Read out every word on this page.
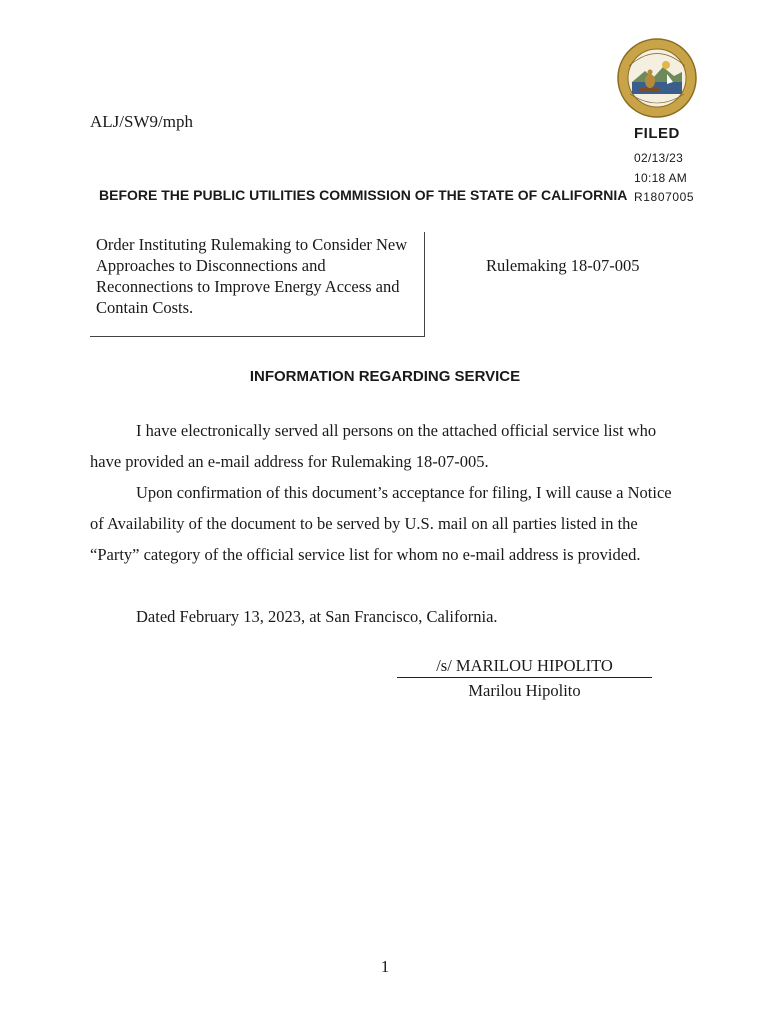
ALJ/SW9/mph
FILED
02/13/23
10:18 AM
R1807005
BEFORE THE PUBLIC UTILITIES COMMISSION OF THE STATE OF CALIFORNIA
Order Instituting Rulemaking to Consider New Approaches to Disconnections and Reconnections to Improve Energy Access and Contain Costs.
Rulemaking 18-07-005
INFORMATION REGARDING SERVICE
I have electronically served all persons on the attached official service list who have provided an e-mail address for Rulemaking 18-07-005.
Upon confirmation of this document’s acceptance for filing, I will cause a Notice of Availability of the document to be served by U.S. mail on all parties listed in the “Party” category of the official service list for whom no e-mail address is provided.
Dated February 13, 2023, at San Francisco, California.
/s/ MARILOU HIPOLITO
Marilou Hipolito
1
